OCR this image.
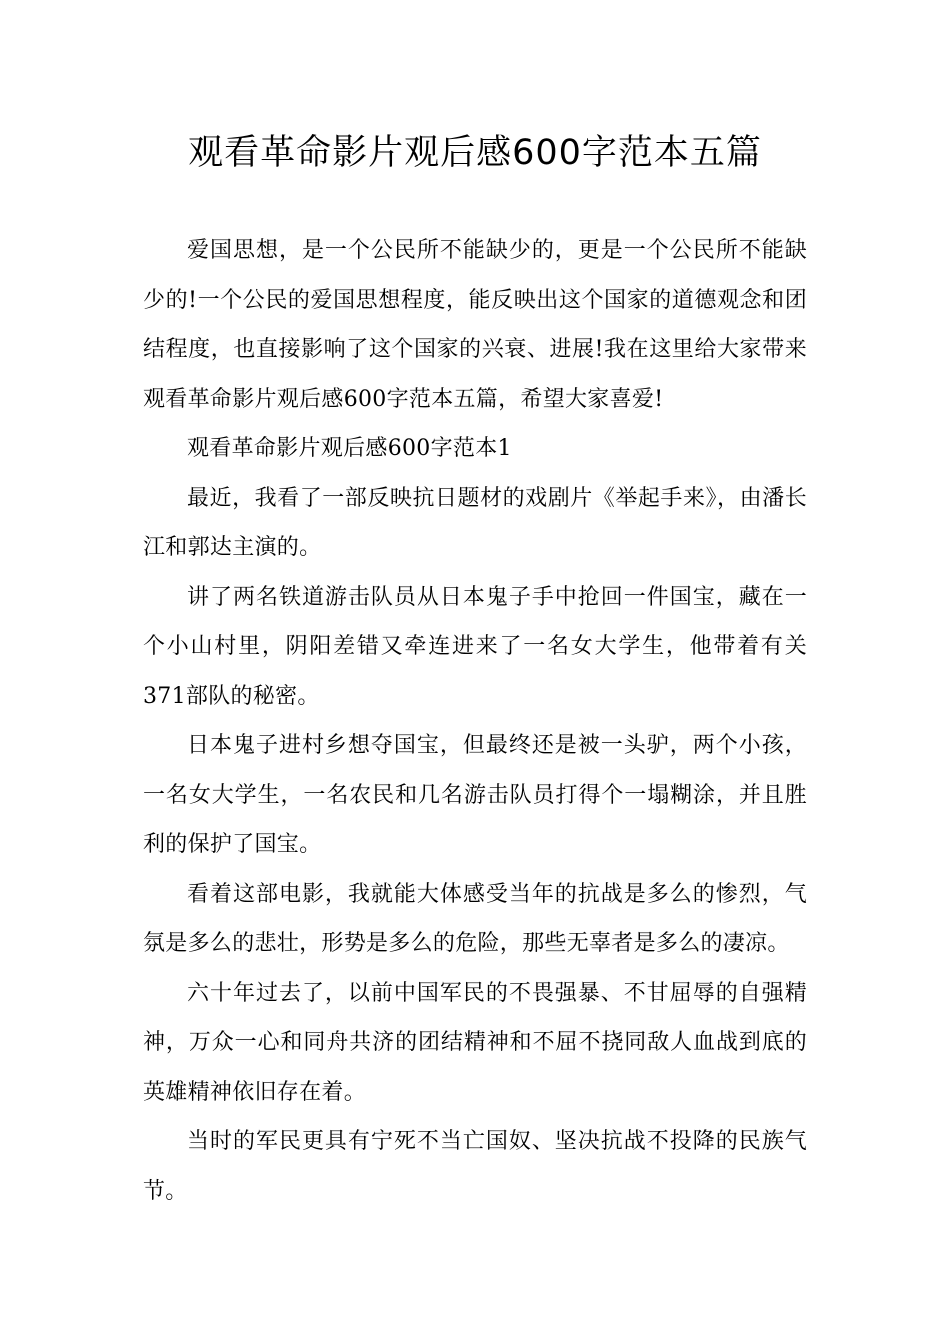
观看革命影片观后感600字范本五篇

爱国思想，是一个公民所不能缺少的，更是一个公民所不能缺少的!一个公民的爱国思想程度，能反映出这个国家的道德观念和团结程度，也直接影响了这个国家的兴衰、进展!我在这里给大家带来观看革命影片观后感600字范本五篇，希望大家喜爱!

观看革命影片观后感600字范本1

最近，我看了一部反映抗日题材的戏剧片《举起手来》，由潘长江和郭达主演的。

讲了两名铁道游击队员从日本鬼子手中抢回一件国宝，藏在一个小山村里，阴阳差错又牵连进来了一名女大学生，他带着有关371部队的秘密。

日本鬼子进村乡想夺国宝，但最终还是被一头驴，两个小孩，一名女大学生，一名农民和几名游击队员打得个一塌糊涂，并且胜利的保护了国宝。

看着这部电影，我就能大体感受当年的抗战是多么的惨烈，气氛是多么的悲壮，形势是多么的危险，那些无辜者是多么的凄凉。

六十年过去了，以前中国军民的不畏强暴、不甘屈辱的自强精神，万众一心和同舟共济的团结精神和不屈不挠同敌人血战到底的英雄精神依旧存在着。

当时的军民更具有宁死不当亡国奴、坚决抗战不投降的民族气节。
